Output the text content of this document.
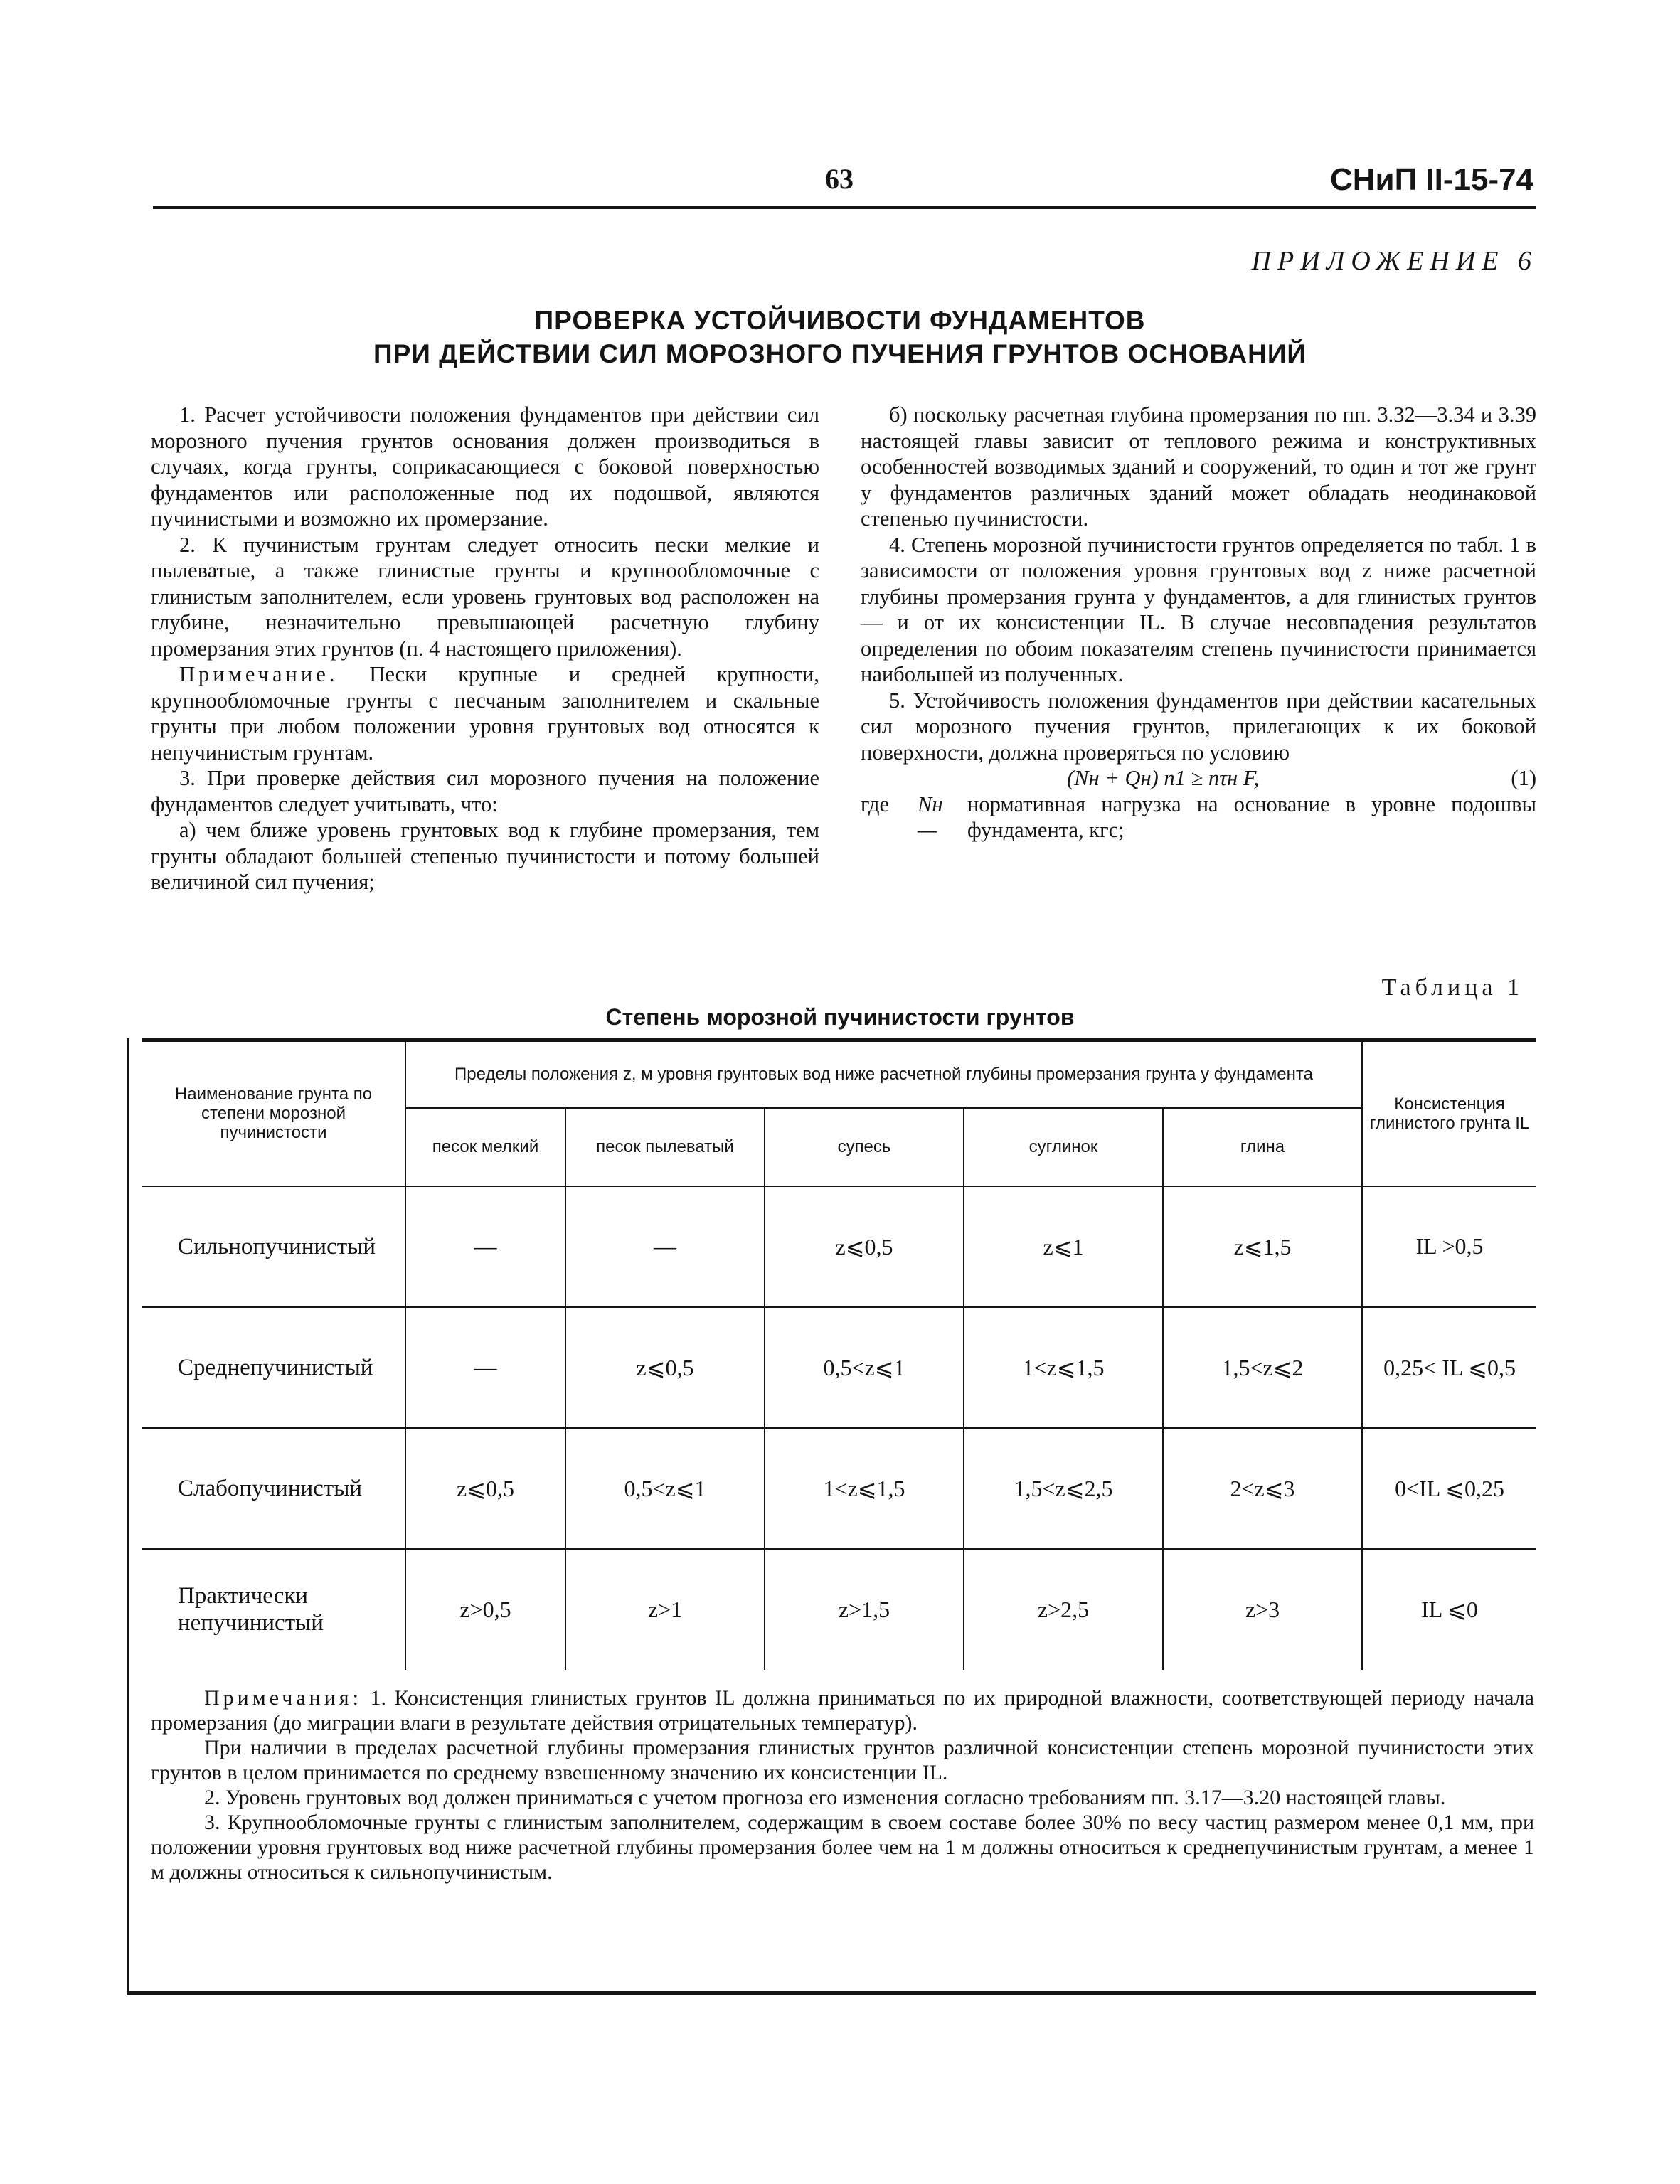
63	СНиП II-15-74
ПРИЛОЖЕНИЕ 6
ПРОВЕРКА УСТОЙЧИВОСТИ ФУНДАМЕНТОВ
ПРИ ДЕЙСТВИИ СИЛ МОРОЗНОГО ПУЧЕНИЯ ГРУНТОВ ОСНОВАНИЙ

1. Расчет устойчивости положения фундаментов при действии сил морозного пучения грунтов основания должен производиться в случаях, когда грунты, соприкасающиеся с боковой поверхностью фундаментов или расположенные под их подошвой, являются пучинистыми и возможно их промерзание.

2. К пучинистым грунтам следует относить пески мелкие и пылеватые, а также глинистые грунты и крупнообломочные с глинистым заполнителем, если уровень грунтовых вод расположен на глубине, незначительно превышающей расчетную глубину промерзания этих грунтов (п. 4 настоящего приложения).

Примечание. Пески крупные и средней крупности, крупнообломочные грунты с песчаным заполнителем и скальные грунты при любом положении уровня грунтовых вод относятся к непучинистым грунтам.

3. При проверке действия сил морозного пучения на положение фундаментов следует учитывать, что:

а) чем ближе уровень грунтовых вод к глубине промерзания, тем грунты обладают большей степенью пучинистости и потому большей величиной сил пучения;

б) поскольку расчетная глубина промерзания по пп. 3.32—3.34 и 3.39 настоящей главы зависит от теплового режима и конструктивных особенностей возводимых зданий и сооружений, то один и тот же грунт у фундаментов различных зданий может обладать неодинаковой степенью пучинистости.

4. Степень морозной пучинистости грунтов определяется по табл. 1 в зависимости от положения уровня грунтовых вод z ниже расчетной глубины промерзания грунта у фундаментов, а для глинистых грунтов — и от их консистенции IL. В случае несовпадения результатов определения по обоим показателям степень пучинистости принимается наибольшей из полученных.

5. Устойчивость положения фундаментов при действии касательных сил морозного пучения грунтов, прилегающих к их боковой поверхности, должна проверяться по условию

(Nн + Qн) n1 ≥ nτн F,	(1)
где	Nн —
нормативная нагрузка на основание в уровне подошвы фундамента, кгс;
Таблица 1
Степень морозной пучинистости грунтов
Наименование грунта по степени морозной пучинистости	Пределы положения z, м уровня грунтовых вод ниже расчетной глубины промерзания грунта у фундамента					Консистенция глинистого грунта IL
	песок мелкий	песок пылеватый	супесь	суглинок	глина	
Сильнопучинистый	—	—	z⩽0,5	z⩽1	z⩽1,5	IL >0,5
Среднепучинистый	—	z⩽0,5	0,5<z⩽1	1<z⩽1,5	1,5<z⩽2	0,25< IL ⩽0,5
Слабопучинистый	z⩽0,5	0,5<z⩽1	1<z⩽1,5	1,5<z⩽2,5	2<z⩽3	0<IL ⩽0,25
Практически непучинистый	z>0,5	z>1	z>1,5	z>2,5	z>3	IL ⩽0

Примечания: 1. Консистенция глинистых грунтов IL должна приниматься по их природной влажности, соответствующей периоду начала промерзания (до миграции влаги в результате действия отрицательных температур).

При наличии в пределах расчетной глубины промерзания глинистых грунтов различной консистенции степень морозной пучинистости этих грунтов в целом принимается по среднему взвешенному значению их консистенции IL.

2. Уровень грунтовых вод должен приниматься с учетом прогноза его изменения согласно требованиям пп. 3.17—3.20 настоящей главы.

3. Крупнообломочные грунты с глинистым заполнителем, содержащим в своем составе более 30% по весу частиц размером менее 0,1 мм, при положении уровня грунтовых вод ниже расчетной глубины промерзания более чем на 1 м должны относиться к среднепучинистым грунтам, а менее 1 м должны относиться к сильнопучинистым.
